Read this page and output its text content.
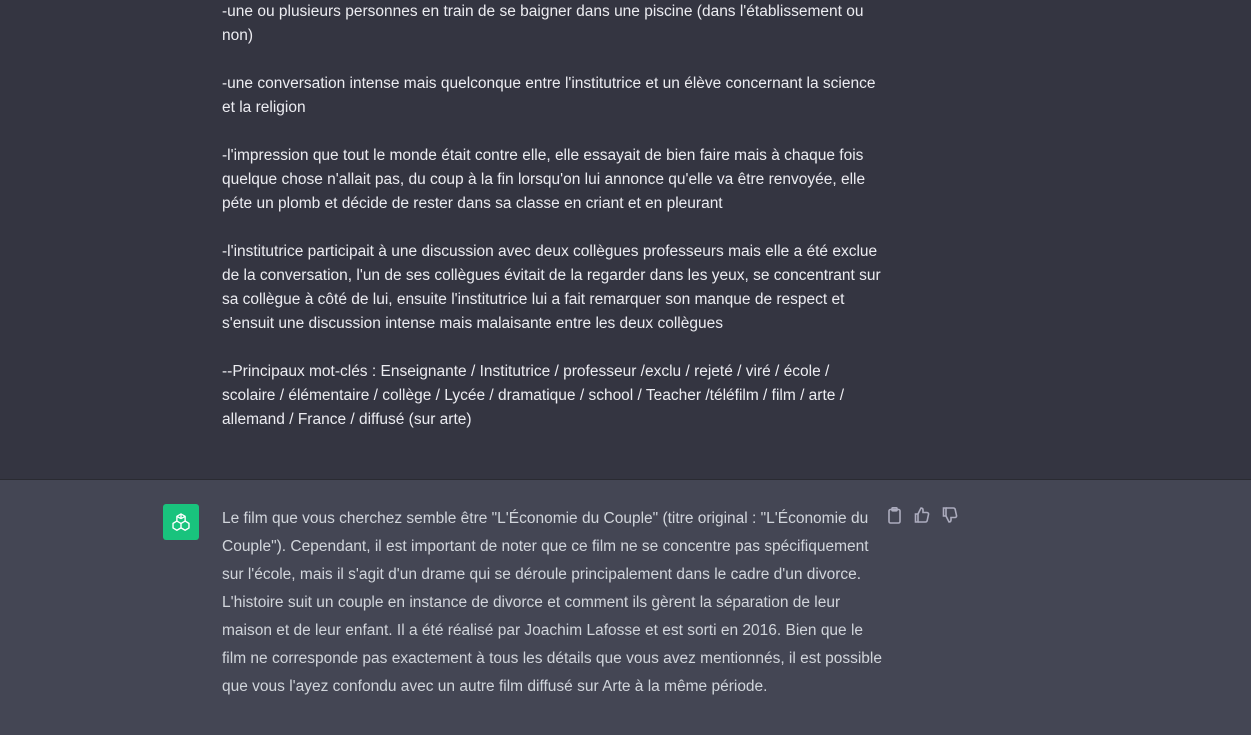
-une ou plusieurs personnes en train de se baigner dans une piscine (dans l'établissement ou non)

-une conversation intense mais quelconque entre l'institutrice et un élève concernant la science et la religion

-l'impression que tout le monde était contre elle, elle essayait de bien faire mais à chaque fois quelque chose n'allait pas, du coup à la fin lorsqu'on lui annonce qu'elle va être renvoyée, elle péte un plomb et décide de rester dans sa classe en criant et en pleurant

-l'institutrice participait à une discussion avec deux collègues professeurs mais elle a été exclue de la conversation, l'un de ses collègues évitait de la regarder dans les yeux, se concentrant sur sa collègue à côté de lui, ensuite l'institutrice lui a fait remarquer son manque de respect et s'ensuit une discussion intense mais malaisante entre les deux collègues

--Principaux mot-clés : Enseignante / Institutrice / professeur /exclu / rejeté / viré / école / scolaire / élémentaire / collège / Lycée / dramatique / school / Teacher /téléfilm / film / arte / allemand / France / diffusé (sur arte)

Le film que vous cherchez semble être "L'Économie du Couple" (titre original : "L'Économie du Couple"). Cependant, il est important de noter que ce film ne se concentre pas spécifiquement sur l'école, mais il s'agit d'un drame qui se déroule principalement dans le cadre d'un divorce. L'histoire suit un couple en instance de divorce et comment ils gèrent la séparation de leur maison et de leur enfant. Il a été réalisé par Joachim Lafosse et est sorti en 2016. Bien que le film ne corresponde pas exactement à tous les détails que vous avez mentionnés, il est possible que vous l'ayez confondu avec un autre film diffusé sur Arte à la même période.
